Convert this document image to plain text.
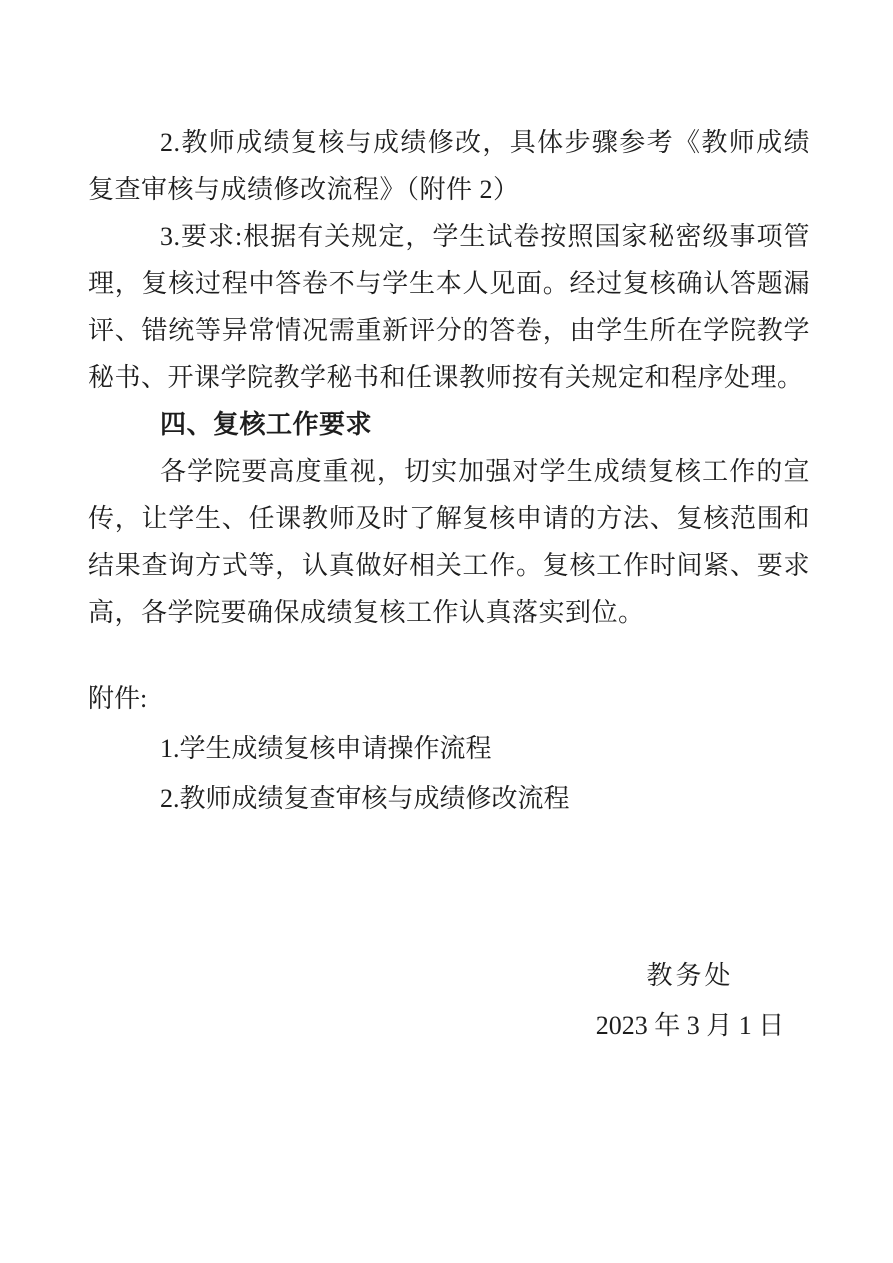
2.教师成绩复核与成绩修改，具体步骤参考《教师成绩复查审核与成绩修改流程》（附件 2）

3.要求:根据有关规定，学生试卷按照国家秘密级事项管理，复核过程中答卷不与学生本人见面。经过复核确认答题漏评、错统等异常情况需重新评分的答卷，由学生所在学院教学秘书、开课学院教学秘书和任课教师按有关规定和程序处理。

四、复核工作要求

各学院要高度重视，切实加强对学生成绩复核工作的宣传，让学生、任课教师及时了解复核申请的方法、复核范围和结果查询方式等，认真做好相关工作。复核工作时间紧、要求高，各学院要确保成绩复核工作认真落实到位。

附件:

1.学生成绩复核申请操作流程

2.教师成绩复查审核与成绩修改流程

教务处

2023 年 3 月 1 日
